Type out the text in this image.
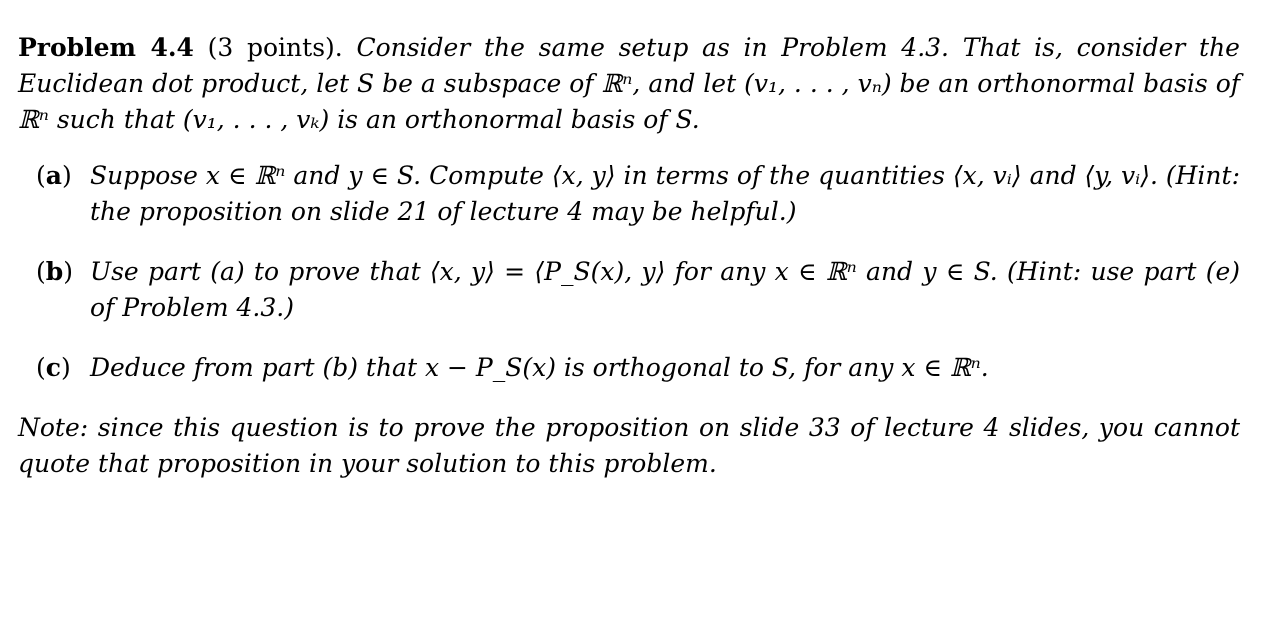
Problem 4.4 (3 points). Consider the same setup as in Problem 4.3. That is, consider the Euclidean dot product, let S be a subspace of ℝⁿ, and let (v₁, . . . , vₙ) be an orthonormal basis of ℝⁿ such that (v₁, . . . , vₖ) is an orthonormal basis of S.
(a) Suppose x ∈ ℝⁿ and y ∈ S. Compute ⟨x, y⟩ in terms of the quantities ⟨x, vᵢ⟩ and ⟨y, vᵢ⟩. (Hint: the proposition on slide 21 of lecture 4 may be helpful.)
(b) Use part (a) to prove that ⟨x, y⟩ = ⟨P_S(x), y⟩ for any x ∈ ℝⁿ and y ∈ S. (Hint: use part (e) of Problem 4.3.)
(c) Deduce from part (b) that x − P_S(x) is orthogonal to S, for any x ∈ ℝⁿ.
Note: since this question is to prove the proposition on slide 33 of lecture 4 slides, you cannot quote that proposition in your solution to this problem.
